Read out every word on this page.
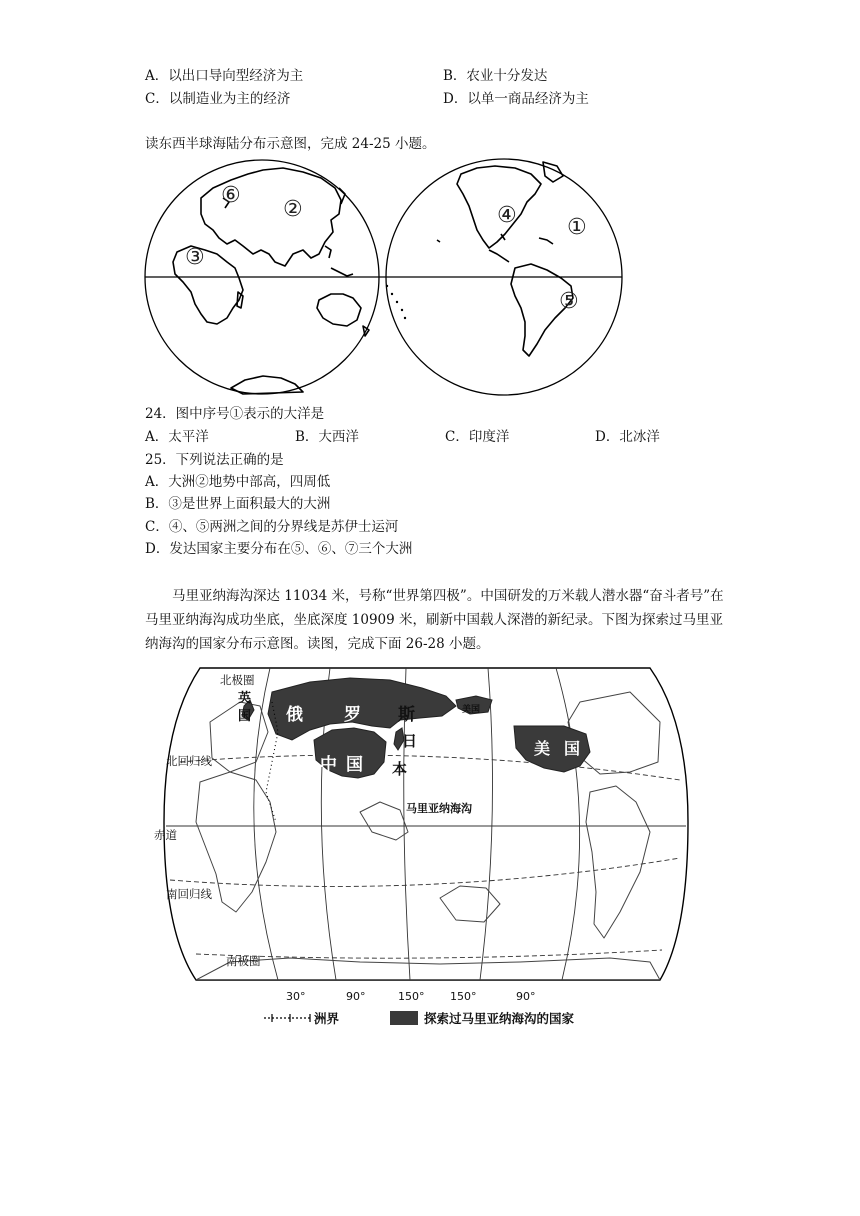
A．以出口导向型经济为主	B．农业十分发达
C．以制造业为主的经济	D．以单一商品经济为主
读东西半球海陆分布示意图，完成 24-25 小题。
⑥
②
③
④ ①
⑤
24．图中序号①表示的大洋是
A．太平洋	B．大西洋	C．印度洋	D．北冰洋
25．下列说法正确的是
A．大洲②地势中部高，四周低
B．③是世界上面积最大的大洲
C．④、⑤两洲之间的分界线是苏伊士运河
D．发达国家主要分布在⑤、⑥、⑦三个大洲
马里亚纳海沟深达 11034 米，号称“世界第四极”。中国研发的万米载人潜水器“奋斗者号”在马里亚纳海沟成功坐底，坐底深度 10909 米，刷新中国载人深潜的新纪录。下图为探索过马里亚纳海沟的国家分布示意图。读图，完成下面 26-28 小题。
北极圈
北回归线
赤道
南回归线
南极圈
俄 罗 斯
中 国
美 国
英
国
日
本
美国
马里亚纳海沟
30°	90°	150° 150°	90°
洲界	探索过马里亚纳海沟的国家
